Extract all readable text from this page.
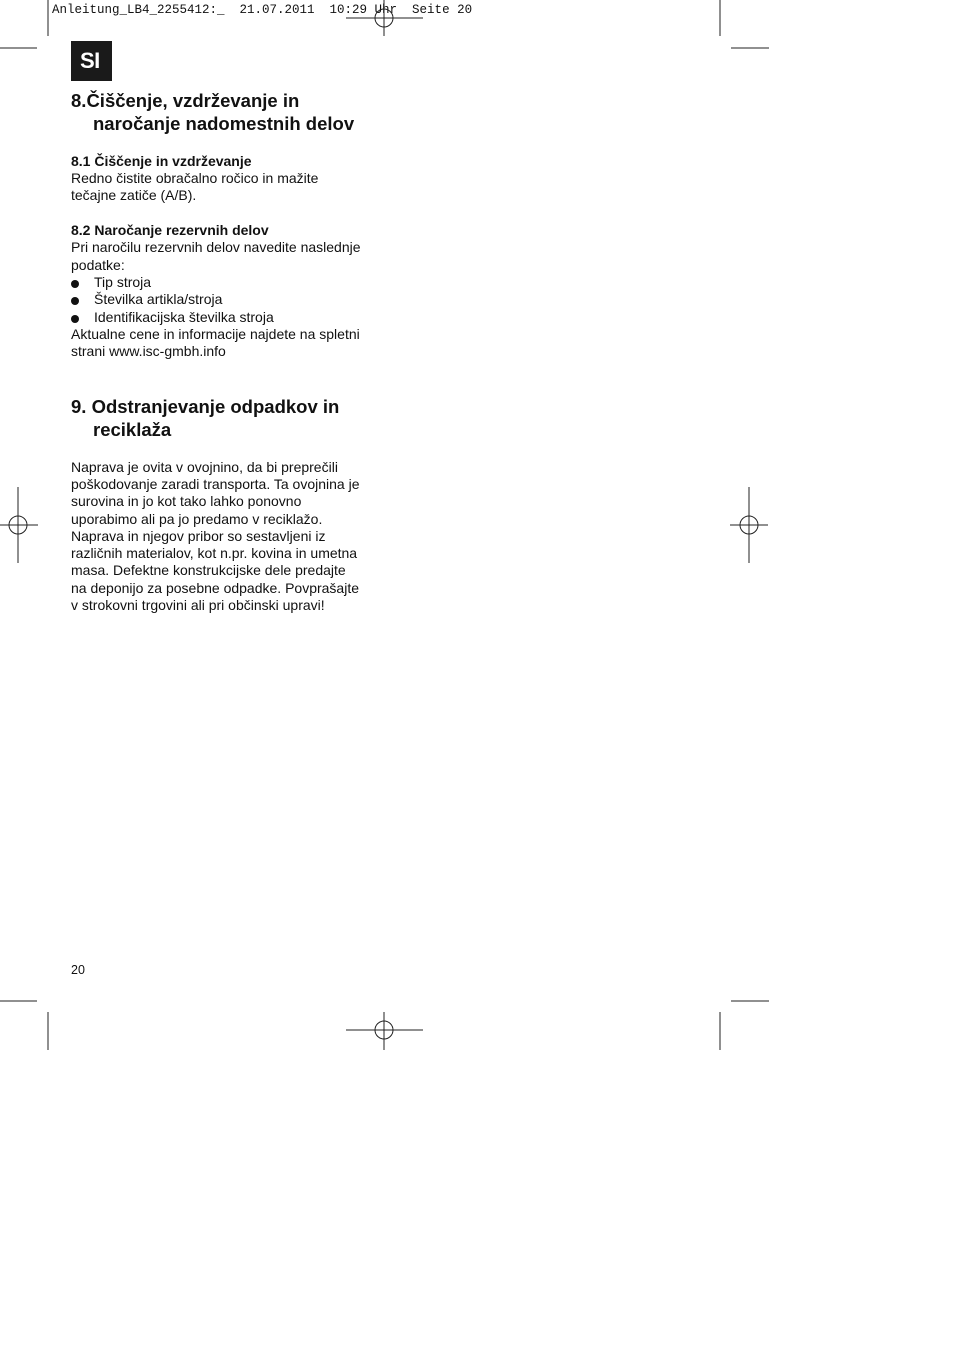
Anleitung_LB4_2255412:_  21.07.2011  10:29 Uhr  Seite 20
SI
8.Čiščenje, vzdrževanje in
naročanje nadomestnih delov
8.1 Čiščenje in vzdrževanje
Redno čistite obračalno ročico in mažite
tečajne zatiče (A/B).
8.2 Naročanje rezervnih delov
Pri naročilu rezervnih delov navedite naslednje
podatke:
Tip stroja
Številka artikla/stroja
Identifikacijska številka stroja
Aktualne cene in informacije najdete na spletni
strani www.isc-gmbh.info
9. Odstranjevanje odpadkov in
reciklaža
Naprava je ovita v ovojnino, da bi preprečili
poškodovanje zaradi transporta. Ta ovojnina je
surovina in jo kot tako lahko ponovno
uporabimo ali pa jo predamo v reciklažo.
Naprava in njegov pribor so sestavljeni iz
različnih materialov, kot n.pr. kovina in umetna
masa. Defektne konstrukcijske dele predajte
na deponijo za posebne odpadke. Povprašajte
v strokovni trgovini ali pri občinski upravi!
20
